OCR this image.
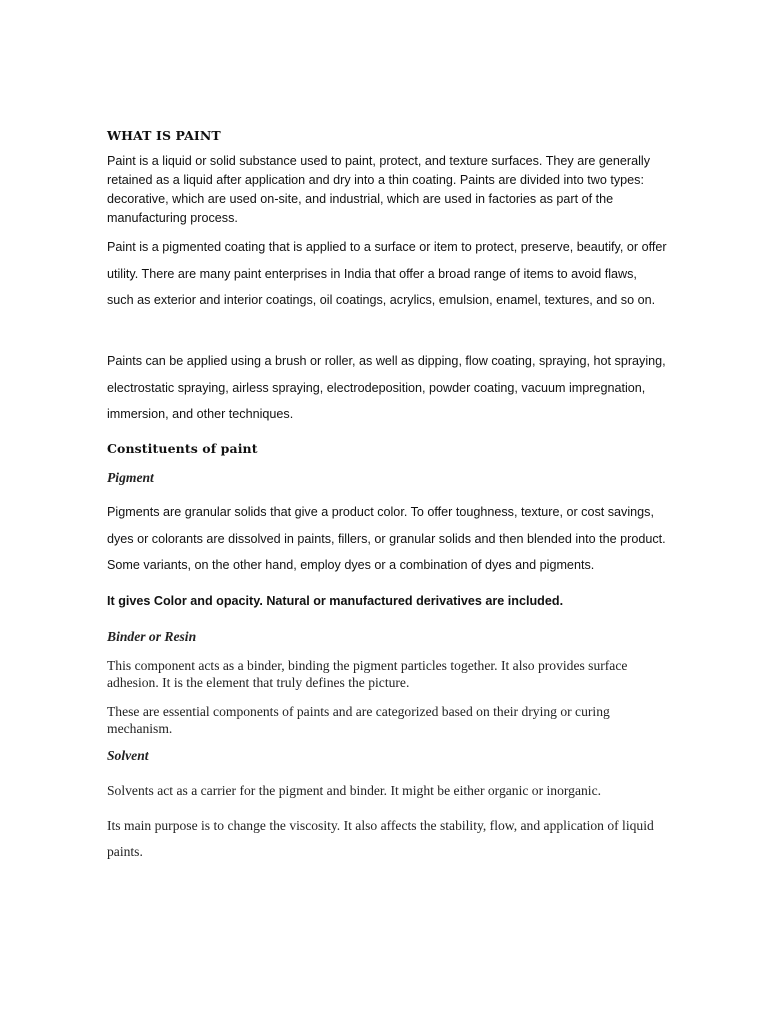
WHAT IS PAINT

Paint is a liquid or solid substance used to paint, protect, and texture surfaces. They are generally retained as a liquid after application and dry into a thin coating. Paints are divided into two types: decorative, which are used on-site, and industrial, which are used in factories as part of the manufacturing process.

Paint is a pigmented coating that is applied to a surface or item to protect, preserve, beautify, or offer utility. There are many paint enterprises in India that offer a broad range of items to avoid flaws, such as exterior and interior coatings, oil coatings, acrylics, emulsion, enamel, textures, and so on.

Paints can be applied using a brush or roller, as well as dipping, flow coating, spraying, hot spraying, electrostatic spraying, airless spraying, electrodeposition, powder coating, vacuum impregnation, immersion, and other techniques.

Constituents of paint
Pigment

Pigments are granular solids that give a product color. To offer toughness, texture, or cost savings, dyes or colorants are dissolved in paints, fillers, or granular solids and then blended into the product. Some variants, on the other hand, employ dyes or a combination of dyes and pigments.

It gives Color and opacity. Natural or manufactured derivatives are included.

Binder or Resin

This component acts as a binder, binding the pigment particles together. It also provides surface adhesion. It is the element that truly defines the picture.

These are essential components of paints and are categorized based on their drying or curing mechanism.

Solvent

Solvents act as a carrier for the pigment and binder. It might be either organic or inorganic.

Its main purpose is to change the viscosity. It also affects the stability, flow, and application of liquid paints.
